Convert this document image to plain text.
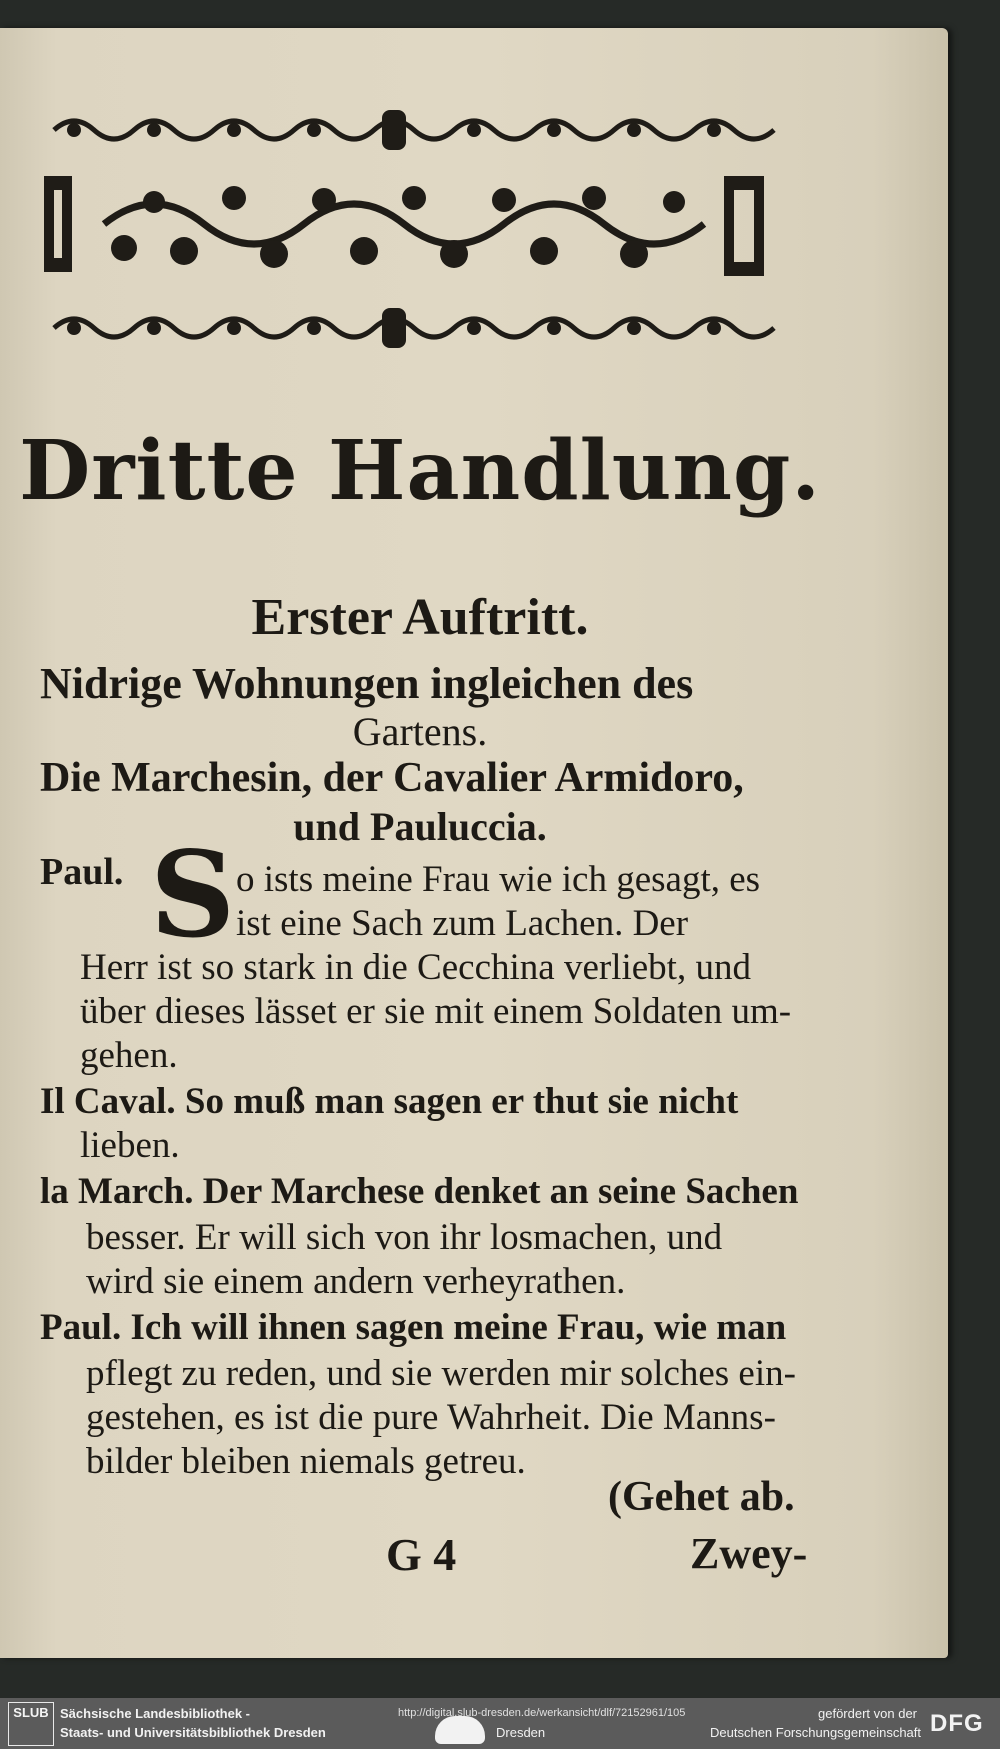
Dritte Handlung.
Erster Auftritt.
Nidrige Wohnungen ingleichen des
Gartens.
Die Marchesin, der Cavalier Armidoro,
und Pauluccia.
Paul. S o ists meine Frau wie ich gesagt, es
ist eine Sach zum Lachen. Der
Herr ist so stark in die Cecchina verliebt, und
über dieses lässet er sie mit einem Soldaten um-
gehen.
Il Caval. So muß man sagen er thut sie nicht
lieben.
la March. Der Marchese denket an seine Sachen
besser. Er will sich von ihr losmachen, und
wird sie einem andern verheyrathen.
Paul. Ich will ihnen sagen meine Frau, wie man
pflegt zu reden, und sie werden mir solches ein-
gestehen, es ist die pure Wahrheit. Die Manns-
bilder bleiben niemals getreu.
(Gehet ab.
G 4	Zwey-
SLUB Sächsische Landesbibliothek -
Staats- und Universitätsbibliothek Dresden
http://digital.slub-dresden.de/werkansicht/dlf/72152961/105
Dresden
gefördert von der
Deutschen Forschungsgemeinschaft DFG
